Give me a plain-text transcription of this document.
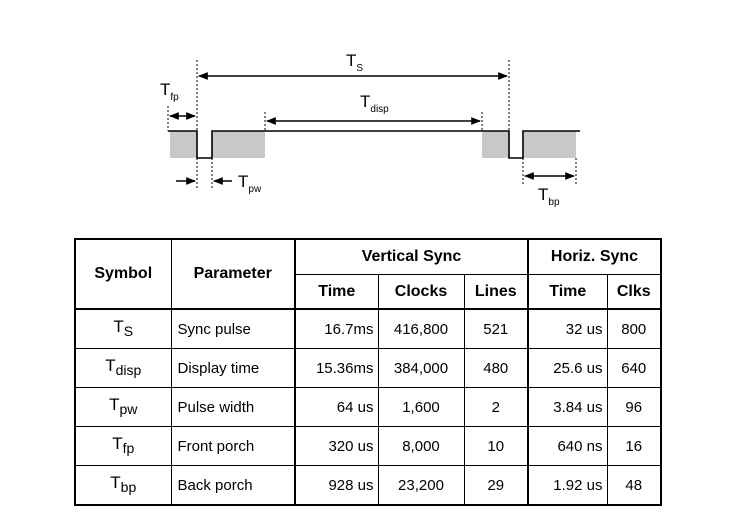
$T_S$
$T_{fp}$	$T_{disp}$
$T_{pw}$	$T_{bp}$
Symbol	Parameter	Vertical Sync			Horiz. Sync	
		Time	Clocks	Lines	Time	Clks
$T_S$	Sync pulse	16.7ms	416,800	521	32 us	800
$T_{disp}$	Display time	15.36ms	384,000	480	25.6 us	640
$T_{pw}$	Pulse width	64 us	1,600	2	3.84 us	96
$T_{fp}$	Front porch	320 us	8,000	10	640 ns	16
$T_{bp}$	Back porch	928 us	23,200	29	1.92 us	48
